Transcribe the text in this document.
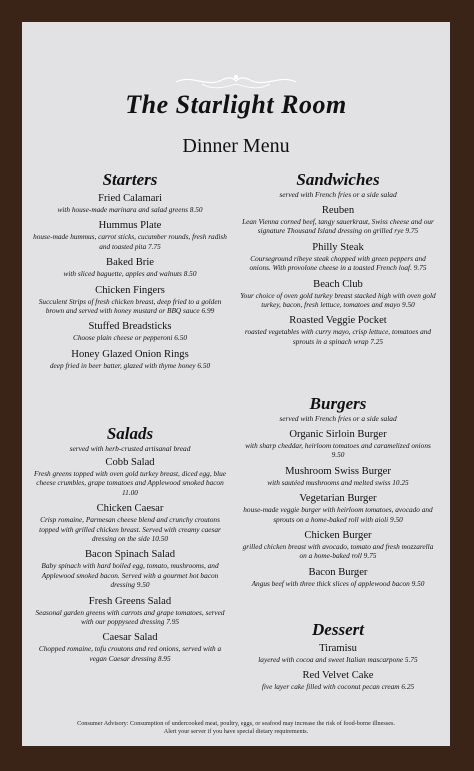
The Starlight Room
Dinner Menu
Starters
Fried Calamari
with house-made marinara and salad greens 8.50
Hummus Plate
house-made hummus, carrot sticks, cucumber rounds, fresh radish and toasted pita 7.75
Baked Brie
with sliced baguette, apples and walnuts 8.50
Chicken Fingers
Succulent Strips of fresh chicken breast, deep fried to a golden brown and served with honey mustard or BBQ sauce 6.99
Stuffed Breadsticks
Choose plain cheese or pepperoni 6.50
Honey Glazed Onion Rings
deep fried in beer batter, glazed with thyme honey 6.50
Salads
served with herb-crusted artisanal bread
Cobb Salad
Fresh greens topped with oven gold turkey breast, diced egg, blue cheese crumbles, grape tomatoes and Applewood smoked bacon 11.00
Chicken Caesar
Crisp romaine, Parmesan cheese blend and crunchy croutons topped with grilled chicken breast. Served with creamy caesar dressing on the side 10.50
Bacon Spinach Salad
Baby spinach with hard boiled egg, tomato, mushrooms, and Applewood smoked bacon. Served with a gourmet hot bacon dressing 9.50
Fresh Greens Salad
Seasonal garden greens with carrots and grape tomatoes, served with our poppyseed dressing 7.95
Caesar Salad
Chopped romaine, tofu croutons and red onions, served with a vegan Caesar dressing 8.95
Sandwiches
served with French fries or a side salad
Reuben
Lean Vienna corned beef, tangy sauerkraut, Swiss cheese and our signature Thousand Island dressing on grilled rye 9.75
Philly Steak
Courseground ribeye steak chopped with green peppers and onions. With provolone cheese in a toasted French loaf. 9.75
Beach Club
Your choice of oven gold turkey breast stacked high with oven gold turkey, bacon, fresh lettuce, tomatoes and mayo 9.50
Roasted Veggie Pocket
roasted vegetables with curry mayo, crisp lettuce, tomatoes and sprouts in a spinach wrap 7.25
Burgers
served with French fries or a side salad
Organic Sirloin Burger
with sharp cheddar, heirloom tomatoes and caramelized onions 9.50
Mushroom Swiss Burger
with sautéed mushrooms and melted swiss 10.25
Vegetarian Burger
house-made veggie burger with heirloom tomatoes, avocado and sprouts on a home-baked roll with aioli 9.50
Chicken Burger
grilled chicken breast with avocado, tomato and fresh mozzarella on a home-baked roll 9.75
Bacon Burger
Angus beef with three thick slices of applewood bacon 9.50
Dessert
Tiramisu
layered with cocoa and sweet Italian mascarpone 5.75
Red Velvet Cake
five layer cake filled with coconut pecan cream 6.25
Consumer Advisory: Consumption of undercooked meat, poultry, eggs, or seafood may increase the risk of food-borne illnesses.
Alert your server if you have special dietary requirements.
